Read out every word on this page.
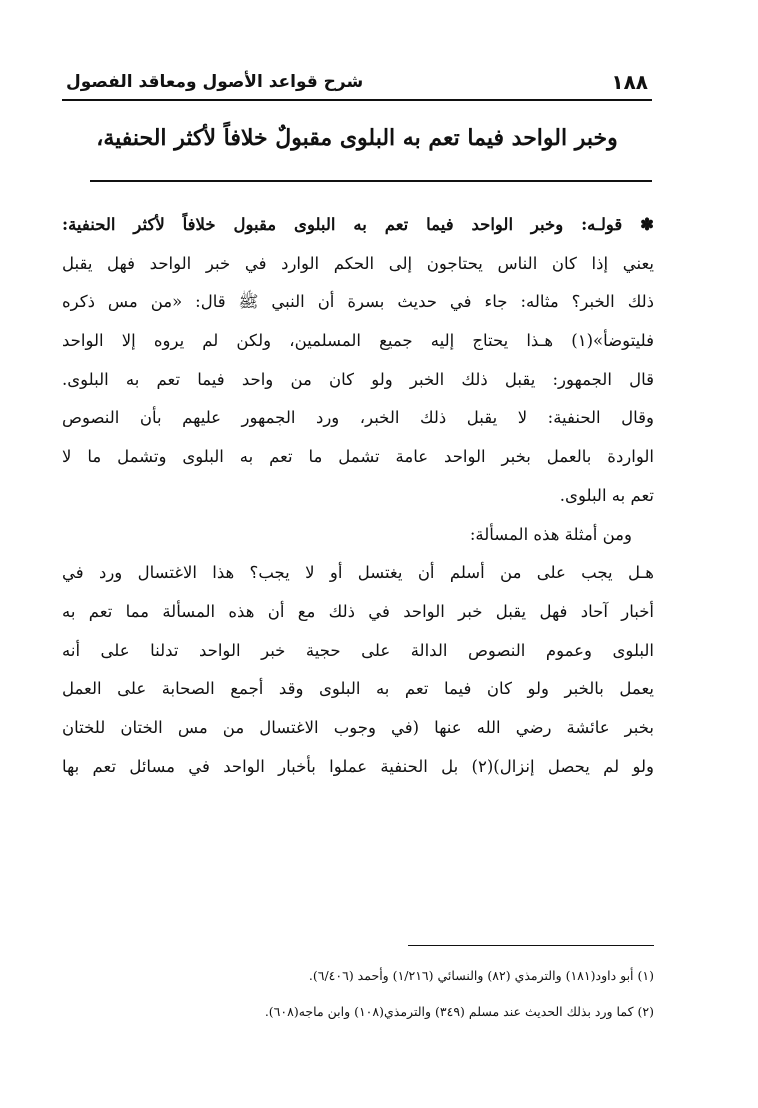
١٨٨
شرح قواعد الأصول ومعاقد الفصول
وخبر الواحد فيما تعم به البلوى مقبولٌ خلافاً لأكثر الحنفية،
✽ قولـه: وخبر الواحد فيما تعم به البلوى مقبول خلافاً لأكثر الحنفية:
يعني إذا كان الناس يحتاجون إلى الحكم الوارد في خبر الواحد فهل يقبل
ذلك الخبر؟ مثاله: جاء في حديث بسرة أن النبي ﷺ قال: «من مس ذكره
فليتوضأ»(١) هـذا يحتاج إليه جميع المسلمين، ولكن لم يروه إلا الواحد
قال الجمهور: يقبل ذلك الخبر ولو كان من واحد فيما تعم به البلوى.
وقال الحنفية: لا يقبل ذلك الخبر، ورد الجمهور عليهم بأن النصوص
الواردة بالعمل بخبر الواحد عامة تشمل ما تعم به البلوى وتشمل ما لا
تعم به البلوى.
ومن أمثلة هذه المسألة:
هـل يجب على من أسلم أن يغتسل أو لا يجب؟ هذا الاغتسال ورد في
أخبار آحاد فهل يقبل خبر الواحد في ذلك مع أن هذه المسألة مما تعم به
البلوى وعموم النصوص الدالة على حجية خبر الواحد تدلنا على أنه
يعمل بالخبر ولو كان فيما تعم به البلوى وقد أجمع الصحابة على العمل
بخبر عائشة رضي الله عنها (في وجوب الاغتسال من مس الختان للختان
ولو لم يحصل إنزال)(٢) بل الحنفية عملوا بأخبار الواحد في مسائل تعم بها
(١) أبو داود(١٨١) والترمذي (٨٢) والنسائي (١/٢١٦) وأحمد (٦/٤٠٦).
(٢) كما ورد بذلك الحديث عند مسلم (٣٤٩) والترمذي(١٠٨) وابن ماجه(٦٠٨).
